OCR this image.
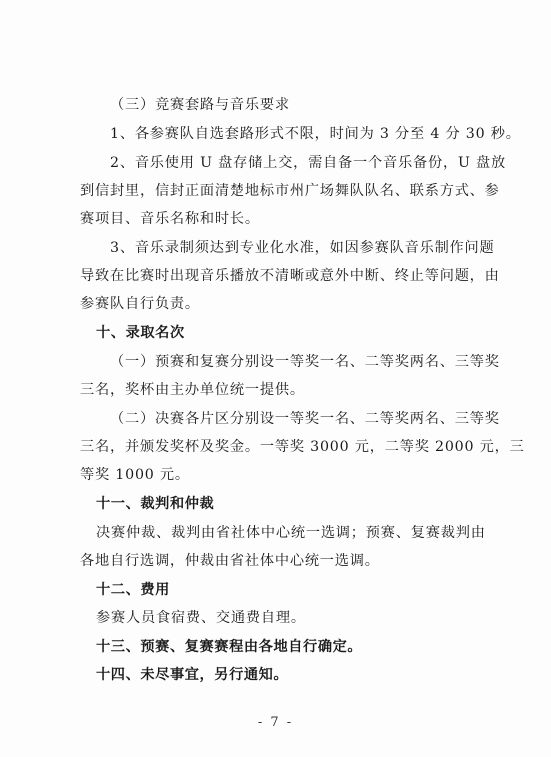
（三）竞赛套路与音乐要求
1、各参赛队自选套路形式不限，时间为 3 分至 4 分 30 秒。
2、音乐使用 U 盘存储上交，需自备一个音乐备份，U 盘放
到信封里，信封正面清楚地标市州广场舞队队名、联系方式、参
赛项目、音乐名称和时长。
3、音乐录制须达到专业化水准，如因参赛队音乐制作问题
导致在比赛时出现音乐播放不清晰或意外中断、终止等问题，由
参赛队自行负责。
十、录取名次
（一）预赛和复赛分别设一等奖一名、二等奖两名、三等奖
三名，奖杯由主办单位统一提供。
（二）决赛各片区分别设一等奖一名、二等奖两名、三等奖
三名，并颁发奖杯及奖金。一等奖 3000 元，二等奖 2000 元，三
等奖 1000 元。
十一、裁判和仲裁
决赛仲裁、裁判由省社体中心统一选调；预赛、复赛裁判由
各地自行选调，仲裁由省社体中心统一选调。
十二、费用
参赛人员食宿费、交通费自理。
十三、预赛、复赛赛程由各地自行确定。
十四、未尽事宜，另行通知。
- 7 -
